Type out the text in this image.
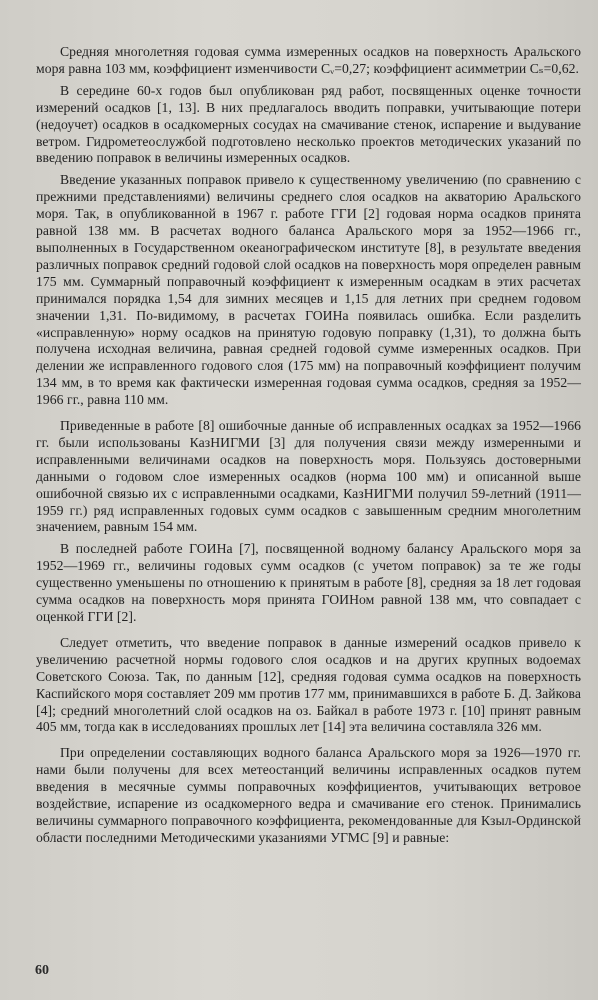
Средняя многолетняя годовая сумма измеренных осадков на поверхность Аральского моря равна 103 мм, коэффициент изменчивости Cᵥ=0,27; коэффициент асимметрии Cₛ=0,62.

В середине 60-х годов был опубликован ряд работ, посвященных оценке точности измерений осадков [1, 13]. В них предлагалось вводить поправки, учитывающие потери (недоучет) осадков в осадкомерных сосудах на смачивание стенок, испарение и выдувание ветром. Гидрометеослужбой подготовлено несколько проектов методических указаний по введению поправок в величины измеренных осадков.

Введение указанных поправок привело к существенному увеличению (по сравнению с прежними представлениями) величины среднего слоя осадков на акваторию Аральского моря. Так, в опубликованной в 1967 г. работе ГГИ [2] годовая норма осадков принята равной 138 мм. В расчетах водного баланса Аральского моря за 1952—1966 гг., выполненных в Государственном океанографическом институте [8], в результате введения различных поправок средний годовой слой осадков на поверхность моря определен равным 175 мм. Суммарный поправочный коэффициент к измеренным осадкам в этих расчетах принимался порядка 1,54 для зимних месяцев и 1,15 для летних при среднем годовом значении 1,31. По-видимому, в расчетах ГОИНа появилась ошибка. Если разделить «исправленную» норму осадков на принятую годовую поправку (1,31), то должна быть получена исходная величина, равная средней годовой сумме измеренных осадков. При делении же исправленного годового слоя (175 мм) на поправочный коэффициент получим 134 мм, в то время как фактически измеренная годовая сумма осадков, средняя за 1952—1966 гг., равна 110 мм.

Приведенные в работе [8] ошибочные данные об исправленных осадках за 1952—1966 гг. были использованы КазНИГМИ [3] для получения связи между измеренными и исправленными величинами осадков на поверхность моря. Пользуясь достоверными данными о годовом слое измеренных осадков (норма 100 мм) и описанной выше ошибочной связью их с исправленными осадками, КазНИГМИ получил 59-летний (1911—1959 гг.) ряд исправленных годовых сумм осадков с завышенным средним многолетним значением, равным 154 мм.

В последней работе ГОИНа [7], посвященной водному балансу Аральского моря за 1952—1969 гг., величины годовых сумм осадков (с учетом поправок) за те же годы существенно уменьшены по отношению к принятым в работе [8], средняя за 18 лет годовая сумма осадков на поверхность моря принята ГОИНом равной 138 мм, что совпадает с оценкой ГГИ [2].

Следует отметить, что введение поправок в данные измерений осадков привело к увеличению расчетной нормы годового слоя осадков и на других крупных водоемах Советского Союза. Так, по данным [12], средняя годовая сумма осадков на поверхность Каспийского моря составляет 209 мм против 177 мм, принимавшихся в работе Б. Д. Зайкова [4]; средний многолетний слой осадков на оз. Байкал в работе 1973 г. [10] принят равным 405 мм, тогда как в исследованиях прошлых лет [14] эта величина составляла 326 мм.

При определении составляющих водного баланса Аральского моря за 1926—1970 гг. нами были получены для всех метеостанций величины исправленных осадков путем введения в месячные суммы поправочных коэффициентов, учитывающих ветровое воздействие, испарение из осадкомерного ведра и смачивание его стенок. Принимались величины суммарного поправочного коэффициента, рекомендованные для Кзыл-Ординской области последними Методическими указаниями УГМС [9] и равные:

60
